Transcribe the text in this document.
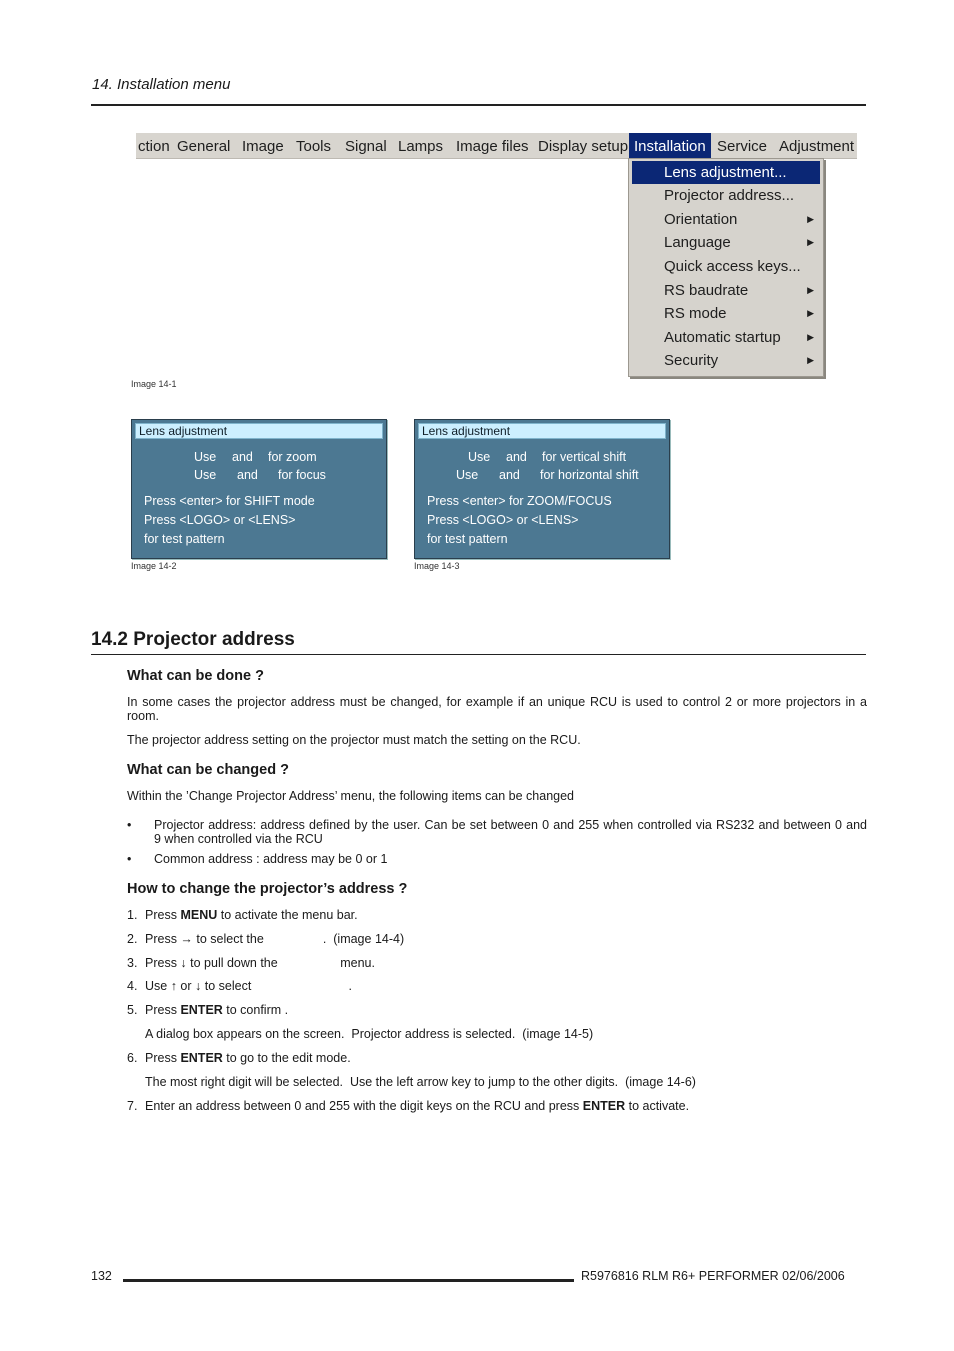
14. Installation menu
ction General Image Tools Signal Lamps Image files Display setup Installation Service Adjustment
Lens adjustment...
Projector address...
Orientation	▶
Language	▶
Quick access keys...
RS baudrate	▶
RS mode	▶
Automatic startup	▶
Security	▶
Image 14-1
Lens adjustment
Use and for zoom
Use and for focus
Press <enter> for SHIFT mode
Press <LOGO> or <LENS>
for test pattern
Image 14-2
Lens adjustment
Use and for vertical shift
Use and for horizontal shift
Press <enter> for ZOOM/FOCUS
Press <LOGO> or <LENS>
for test pattern
Image 14-3
14.2 Projector address
What can be done ?
In some cases the projector address must be changed, for example if an unique RCU is used to control 2 or more projectors in a
room.
The projector address setting on the projector must match the setting on the RCU.
What can be changed ?
Within the ’Change Projector Address’ menu, the following items can be changed
• Projector address: address defined by the user. Can be set between 0 and 255 when controlled via RS232 and between 0 and
9 when controlled via the RCU
• Common address : address may be 0 or 1
How to change the projector’s address ?
1. Press MENU to activate the menu bar.
2. Press → to select the                 .  (image 14-4)
3. Press ↓ to pull down the                  menu.
4. Use ↑ or ↓ to select                            .
5. Press ENTER to confirm .
A dialog box appears on the screen.  Projector address is selected.  (image 14-5)
6. Press ENTER to go to the edit mode.
The most right digit will be selected.  Use the left arrow key to jump to the other digits.  (image 14-6)
7. Enter an address between 0 and 255 with the digit keys on the RCU and press ENTER to activate.
132	R5976816 RLM R6+ PERFORMER 02/06/2006
